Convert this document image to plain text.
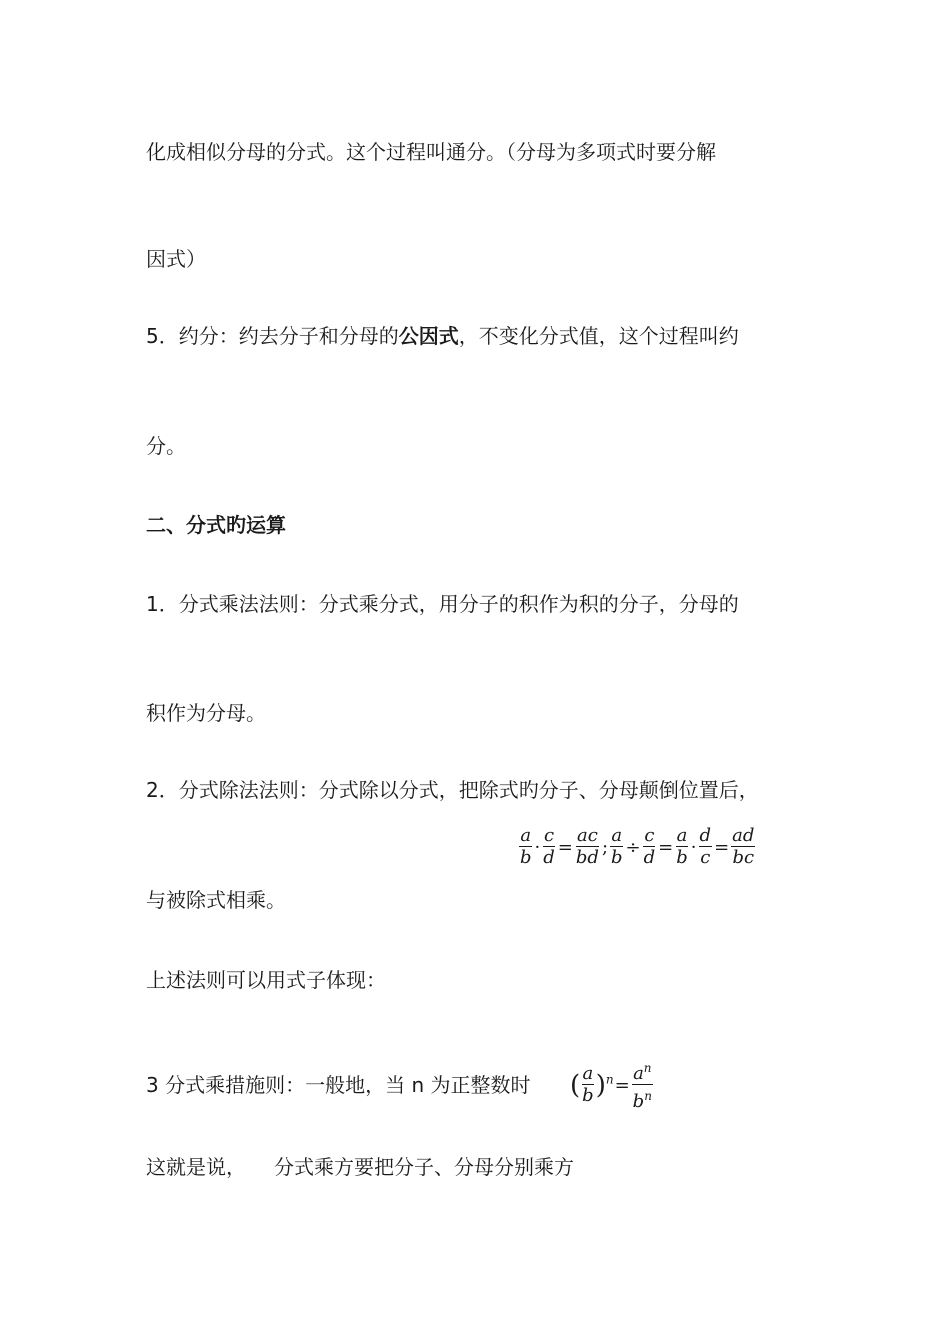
化成相似分母的分式。这个过程叫通分。（分母为多项式时要分解
因式）
5．约分：约去分子和分母的公因式，不变化分式值，这个过程叫约
分。
二、分式旳运算
1．分式乘法法则：分式乘分式，用分子的积作为积的分子，分母的
积作为分母。
2．分式除法法则：分式除以分式，把除式旳分子、分母颠倒位置后，
$\frac{a}{b} \cdot \frac{c}{d} = \frac{ac}{bd}$ ; $\frac{a}{b} \div \frac{c}{d} = \frac{a}{b} \cdot \frac{d}{c} = \frac{ad}{bc}$
与被除式相乘。
上述法则可以用式子体现：
3 分式乘措施则：一般地，当 n 为正整数时 ( $\frac{a}{b} )^n= \frac{a^n}{b^n}$
这就是说， 分式乘方要把分子、分母分别乘方
